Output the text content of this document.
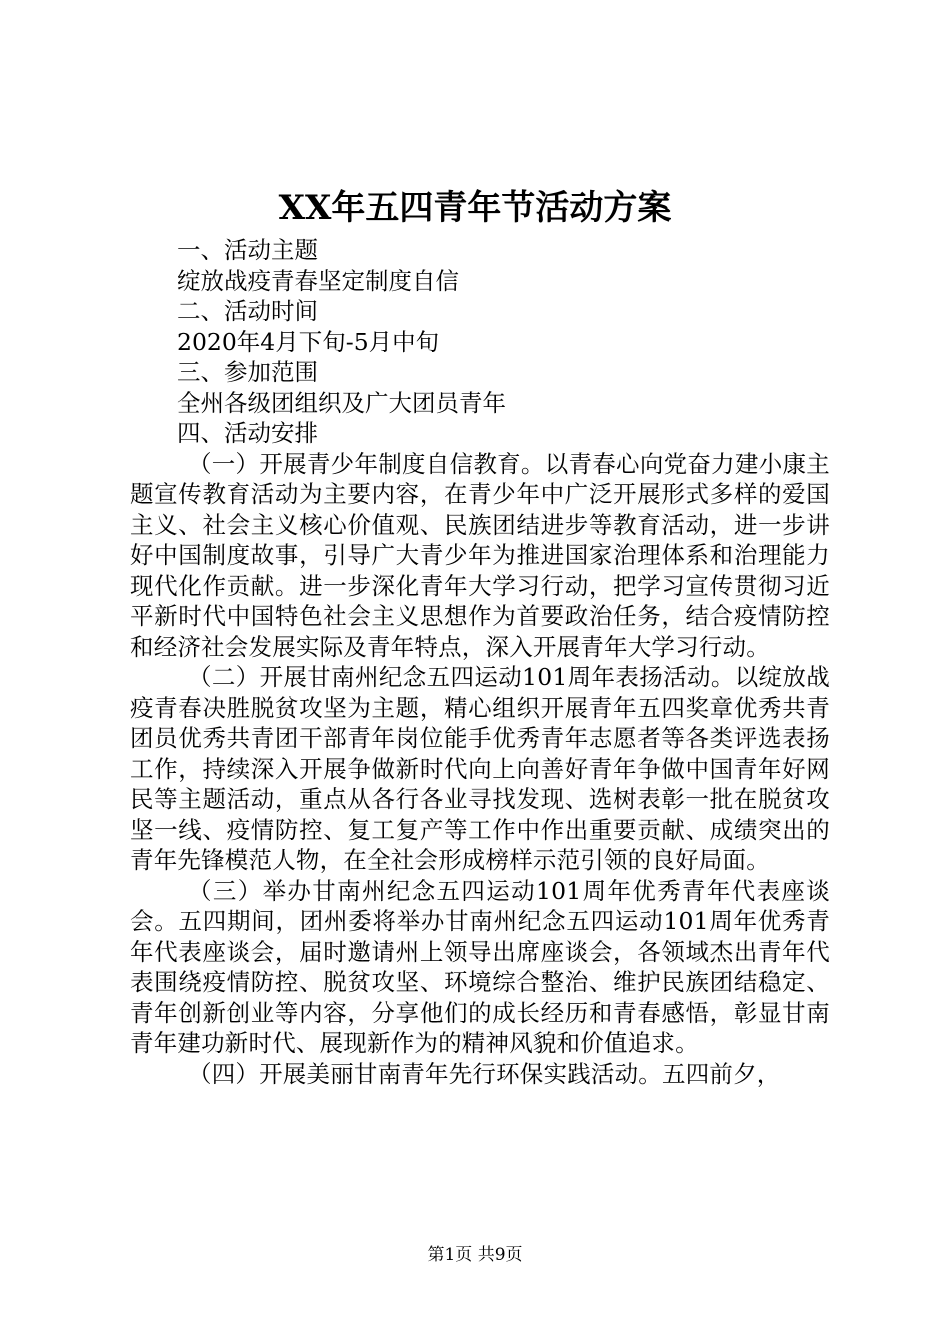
XX年五四青年节活动方案

一、活动主题

绽放战疫青春坚定制度自信

二、活动时间

2020年4月下旬-5月中旬

三、参加范围

全州各级团组织及广大团员青年

四、活动安排

（一）开展青少年制度自信教育。以青春心向党奋力建小康主题宣传教育活动为主要内容，在青少年中广泛开展形式多样的爱国主义、社会主义核心价值观、民族团结进步等教育活动，进一步讲好中国制度故事，引导广大青少年为推进国家治理体系和治理能力现代化作贡献。进一步深化青年大学习行动，把学习宣传贯彻习近平新时代中国特色社会主义思想作为首要政治任务，结合疫情防控和经济社会发展实际及青年特点，深入开展青年大学习行动。

（二）开展甘南州纪念五四运动101周年表扬活动。以绽放战疫青春决胜脱贫攻坚为主题，精心组织开展青年五四奖章优秀共青团员优秀共青团干部青年岗位能手优秀青年志愿者等各类评选表扬工作，持续深入开展争做新时代向上向善好青年争做中国青年好网民等主题活动，重点从各行各业寻找发现、选树表彰一批在脱贫攻坚一线、疫情防控、复工复产等工作中作出重要贡献、成绩突出的青年先锋模范人物，在全社会形成榜样示范引领的良好局面。

（三）举办甘南州纪念五四运动101周年优秀青年代表座谈会。五四期间，团州委将举办甘南州纪念五四运动101周年优秀青年代表座谈会，届时邀请州上领导出席座谈会，各领域杰出青年代表围绕疫情防控、脱贫攻坚、环境综合整治、维护民族团结稳定、青年创新创业等内容，分享他们的成长经历和青春感悟，彰显甘南青年建功新时代、展现新作为的精神风貌和价值追求。

（四）开展美丽甘南青年先行环保实践活动。五四前夕，

第1页 共9页
